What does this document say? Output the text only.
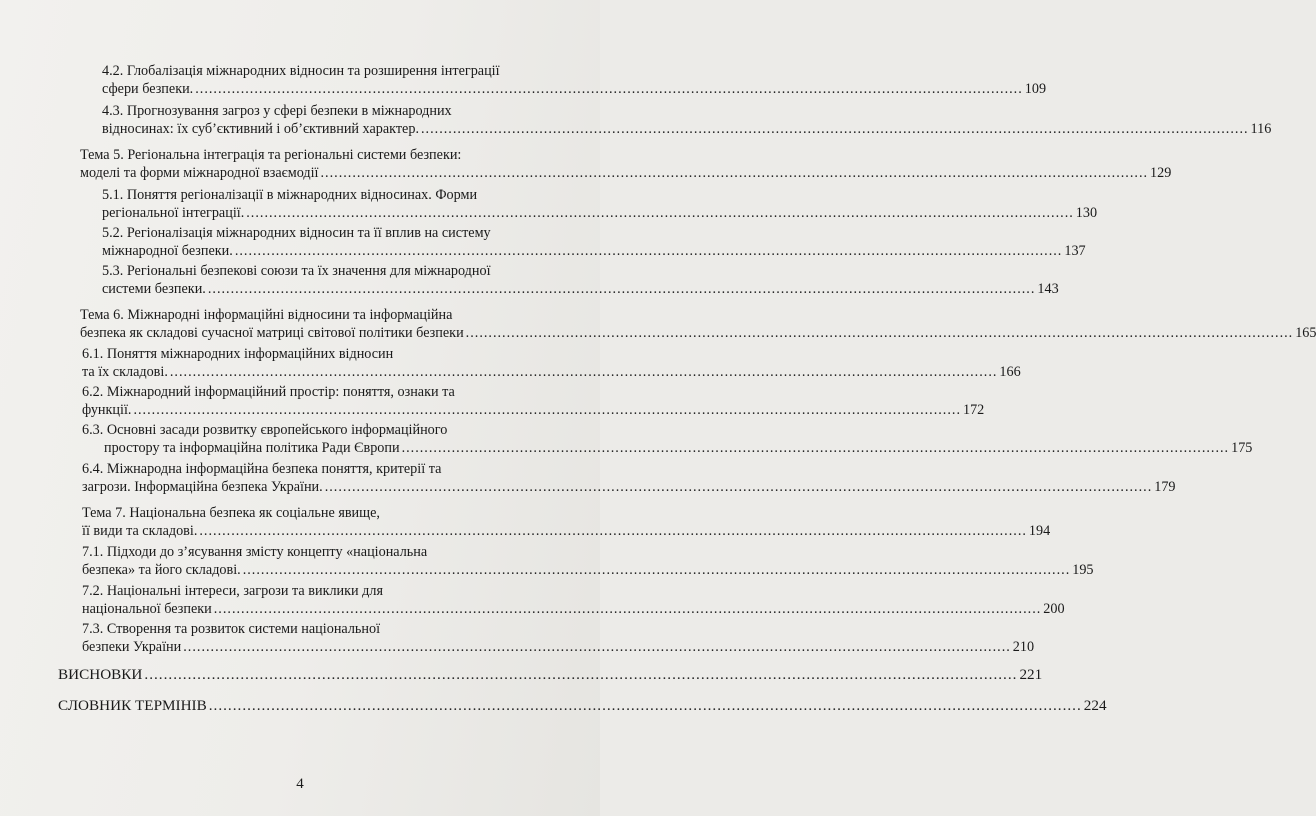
4.2. Глобалізація міжнародних відносин та розширення інтеграції
сфери безпеки. ...................................................................................................................................................................................... 109
4.3. Прогнозування загроз у сфері безпеки в міжнародних
відносинах: їх суб’єктивний і об’єктивний характер. ...................................................................................................................................................................................... 116
Тема 5. Регіональна інтеграція та регіональні системи безпеки:
моделі та форми міжнародної взаємодії ...................................................................................................................................................................................... 129
5.1. Поняття регіоналізації в міжнародних відносинах. Форми
регіональної інтеграції. ...................................................................................................................................................................................... 130
5.2. Регіоналізація міжнародних відносин та її вплив на систему
міжнародної безпеки. ...................................................................................................................................................................................... 137
5.3. Регіональні безпекові союзи та їх значення для міжнародної
системи безпеки. ...................................................................................................................................................................................... 143
Тема 6. Міжнародні інформаційні відносини та інформаційна
безпека як складові сучасної матриці світової політики безпеки ...................................................................................................................................................................................... 165
6.1. Поняття міжнародних інформаційних відносин
та їх складові. ...................................................................................................................................................................................... 166
6.2. Міжнародний інформаційний простір: поняття, ознаки та
функції. ...................................................................................................................................................................................... 172
6.3. Основні засади розвитку європейського інформаційного
простору та інформаційна політика Ради Європи ...................................................................................................................................................................................... 175
6.4. Міжнародна інформаційна безпека поняття, критерії та
загрози. Інформаційна безпека України. ...................................................................................................................................................................................... 179
Тема 7. Національна безпека як соціальне явище,
її види та складові. ...................................................................................................................................................................................... 194
7.1. Підходи до з’ясування змісту концепту «національна
безпека» та його складові. ...................................................................................................................................................................................... 195
7.2. Національні інтереси, загрози та виклики для
національної безпеки ...................................................................................................................................................................................... 200
7.3. Створення та розвиток системи національної
безпеки України ...................................................................................................................................................................................... 210
ВИСНОВКИ ...................................................................................................................................................................................... 221
СЛОВНИК ТЕРМІНІВ ...................................................................................................................................................................................... 224
4
